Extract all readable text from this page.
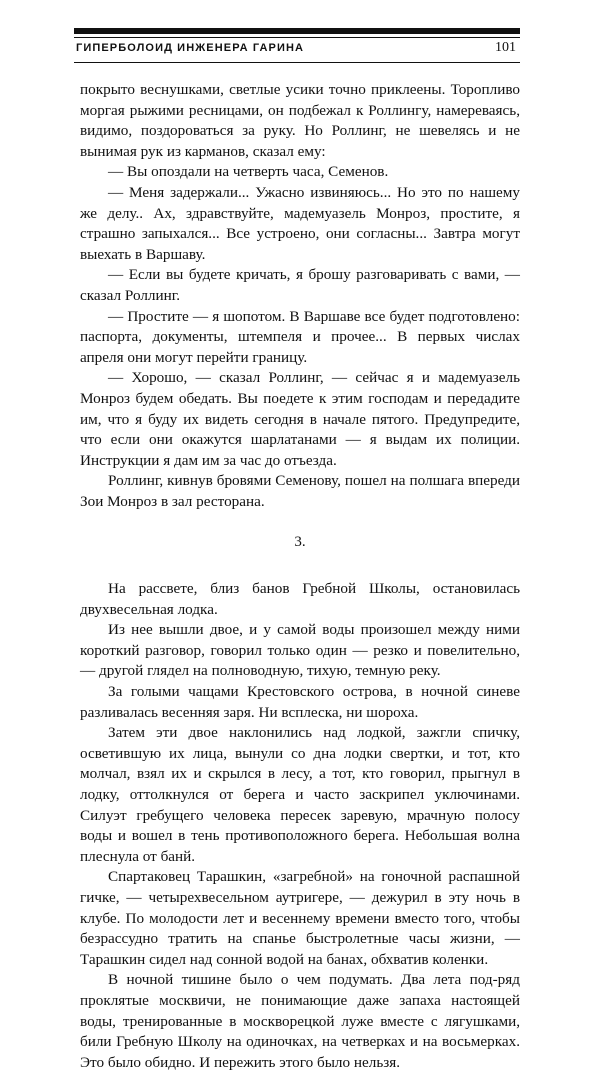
ГИПЕРБОЛОИД ИНЖЕНЕРА ГАРИНА	101

покрыто веснушками, светлые усики точно приклеены. Торопливо моргая рыжими ресницами, он подбежал к Роллингу, намереваясь, видимо, поздороваться за руку. Но Роллинг, не шевелясь и не вынимая рук из карманов, сказал ему:

— Вы опоздали на четверть часа, Семенов.

— Меня задержали... Ужасно извиняюсь... Но это по нашему же делу.. Ах, здравствуйте, мадемуазель Монроз, простите, я страшно запыхался... Все устроено, они согласны... Завтра могут выехать в Варшаву.

— Если вы будете кричать, я брошу разговаривать с вами, — сказал Роллинг.

— Простите — я шопотом. В Варшаве все будет подготовлено: паспорта, документы, штемпеля и прочее... В первых числах апреля они могут перейти границу.

— Хорошо, — сказал Роллинг, — сейчас я и мадемуазель Монроз будем обедать. Вы поедете к этим господам и передадите им, что я буду их видеть сегодня в начале пятого. Предупредите, что если они окажутся шарлатанами — я выдам их полиции. Инструкции я дам им за час до отъезда.

Роллинг, кивнув бровями Семенову, пошел на полшага впереди Зои Монроз в зал ресторана.

3.

На рассвете, близ банов Гребной Школы, остановилась двухвесельная лодка.

Из нее вышли двое, и у самой воды произошел между ними короткий разговор, говорил только один — резко и повелительно, — другой глядел на полноводную, тихую, темную реку.

За голыми чащами Крестовского острова, в ночной синеве разливалась весенняя заря. Ни всплеска, ни шороха.

Затем эти двое наклонились над лодкой, зажгли спичку, осветившую их лица, вынули со дна лодки свертки, и тот, кто молчал, взял их и скрылся в лесу, а тот, кто говорил, прыгнул в лодку, оттолкнулся от берега и часто заскрипел уключинами. Силуэт гребущего человека пересек заревую, мрачную полосу воды и вошел в тень противоположного берега. Небольшая волна плеснула от банй.

Спартаковец Тарашкин, «загребной» на гоночной распашной гичке, — четырехвесельном аутригере, — дежурил в эту ночь в клубе. По молодости лет и весеннему времени вместо того, чтобы безрассудно тратить на спанье быстролетные часы жизни, — Тарашкин сидел над сонной водой на банах, обхватив коленки.

В ночной тишине было о чем подумать. Два лета под-ряд проклятые москвичи, не понимающие даже запаха настоящей воды, тренированные в москворецкой луже вместе с лягушками, били Гребную Школу на одиночках, на четверках и на восьмерках. Это было обидно. И пережить этого было нельзя.
